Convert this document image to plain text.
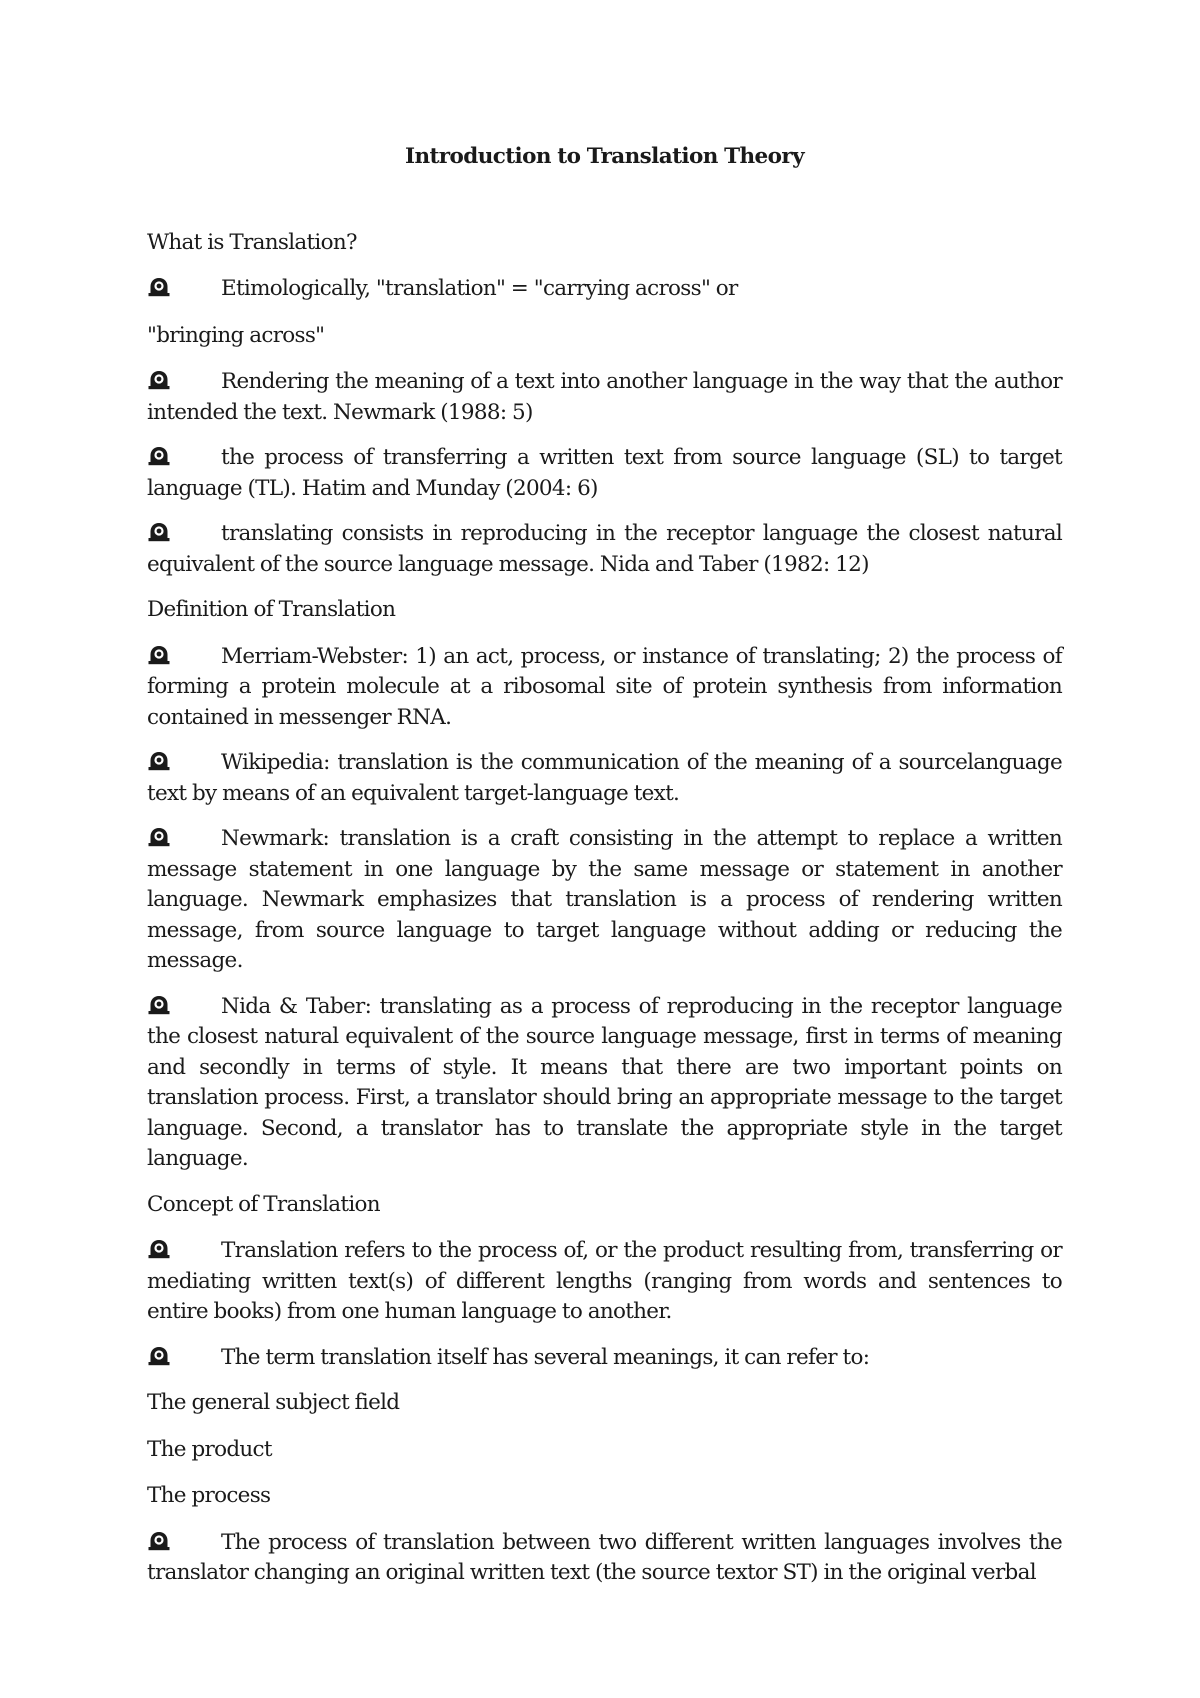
Introduction to Translation Theory

What is Translation?

Etimologically, "translation" = "carrying across" or

"bringing across"

Rendering the meaning of a text into another language in the way that the author intended the text. Newmark (1988: 5)

the process of transferring a written text from source language (SL) to target language (TL). Hatim and Munday (2004: 6)

translating consists in reproducing in the receptor language the closest natural equivalent of the source language message. Nida and Taber (1982: 12)

Definition of Translation

Merriam-Webster: 1) an act, process, or instance of translating; 2) the process of forming a protein molecule at a ribosomal site of protein synthesis from information contained in messenger RNA.

Wikipedia: translation is the communication of the meaning of a sourcelanguage text by means of an equivalent target-language text.

Newmark: translation is a craft consisting in the attempt to replace a written message statement in one language by the same message or statement in another language. Newmark emphasizes that translation is a process of rendering written message, from source language to target language without adding or reducing the message.

Nida & Taber: translating as a process of reproducing in the receptor language the closest natural equivalent of the source language message, first in terms of meaning and secondly in terms of style. It means that there are two important points on translation process. First, a translator should bring an appropriate message to the target language. Second, a translator has to translate the appropriate style in the target language.

Concept of Translation

Translation refers to the process of, or the product resulting from, transferring or mediating written text(s) of different lengths (ranging from words and sentences to entire books) from one human language to another.

The term translation itself has several meanings, it can refer to:

The general subject field

The product

The process

The process of translation between two different written languages involves the translator changing an original written text (the source textor ST) in the original verbal
